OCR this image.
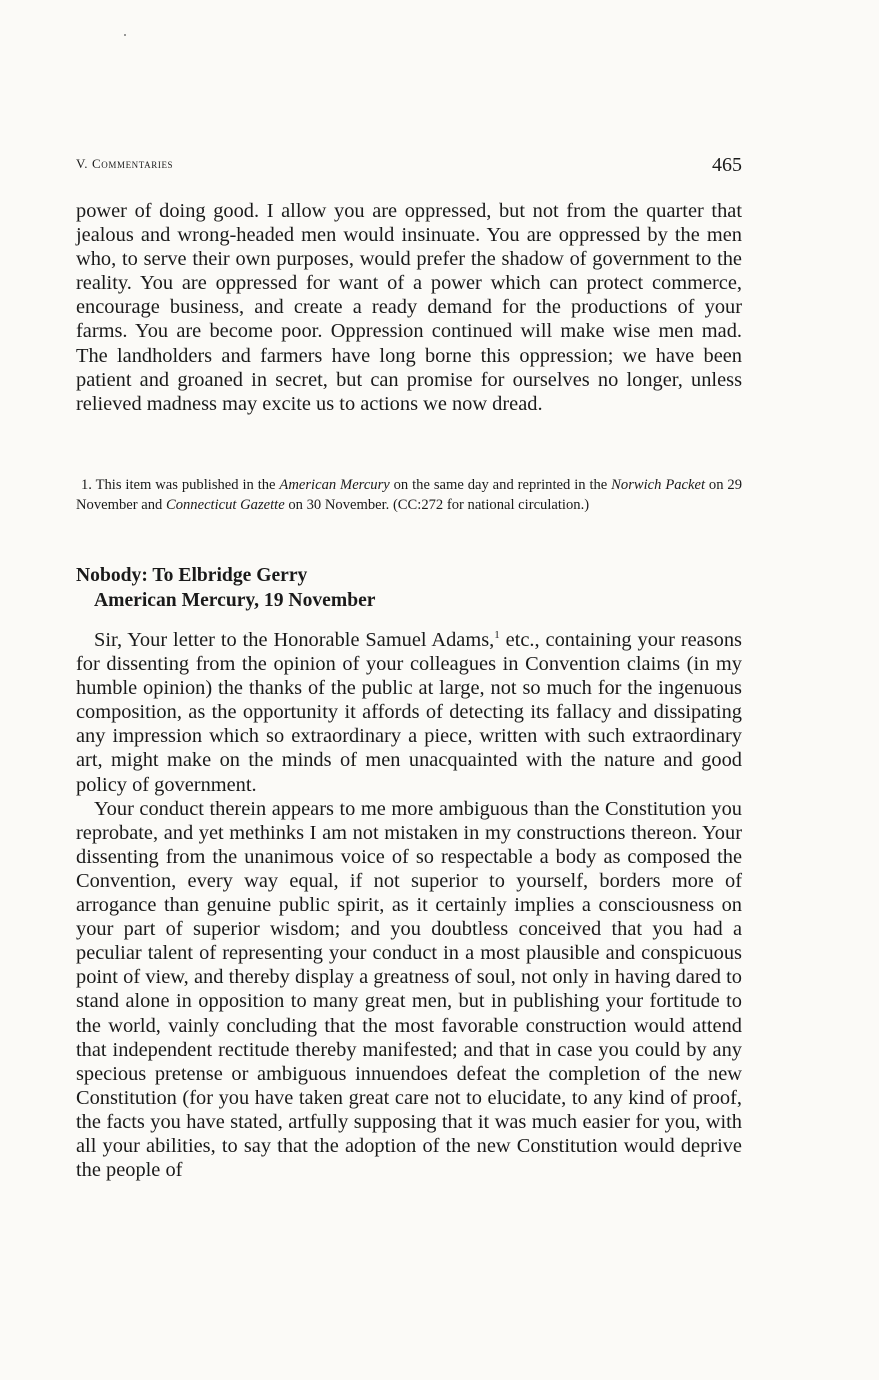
V. Commentaries	465

power of doing good. I allow you are oppressed, but not from the quarter that jealous and wrong-headed men would insinuate. You are oppressed by the men who, to serve their own purposes, would prefer the shadow of government to the reality. You are oppressed for want of a power which can protect commerce, encourage business, and create a ready demand for the productions of your farms. You are become poor. Oppression continued will make wise men mad. The landholders and farmers have long borne this oppression; we have been patient and groaned in secret, but can promise for ourselves no longer, unless relieved madness may excite us to actions we now dread.

1. This item was published in the American Mercury on the same day and reprinted in the Norwich Packet on 29 November and Connecticut Gazette on 30 November. (CC:272 for national circulation.)

Nobody: To Elbridge Gerry
American Mercury, 19 November

Sir, Your letter to the Honorable Samuel Adams,$^1$ etc., containing your reasons for dissenting from the opinion of your colleagues in Convention claims (in my humble opinion) the thanks of the public at large, not so much for the ingenuous composition, as the opportunity it affords of detecting its fallacy and dissipating any impression which so extraordinary a piece, written with such extraordinary art, might make on the minds of men unacquainted with the nature and good policy of government.

Your conduct therein appears to me more ambiguous than the Constitution you reprobate, and yet methinks I am not mistaken in my constructions thereon. Your dissenting from the unanimous voice of so respectable a body as composed the Convention, every way equal, if not superior to yourself, borders more of arrogance than genuine public spirit, as it certainly implies a consciousness on your part of superior wisdom; and you doubtless conceived that you had a peculiar talent of representing your conduct in a most plausible and conspicuous point of view, and thereby display a greatness of soul, not only in having dared to stand alone in opposition to many great men, but in publishing your fortitude to the world, vainly concluding that the most favorable construction would attend that independent rectitude thereby manifested; and that in case you could by any specious pretense or ambiguous innuendoes defeat the completion of the new Constitution (for you have taken great care not to elucidate, to any kind of proof, the facts you have stated, artfully supposing that it was much easier for you, with all your abilities, to say that the adoption of the new Constitution would deprive the people of
